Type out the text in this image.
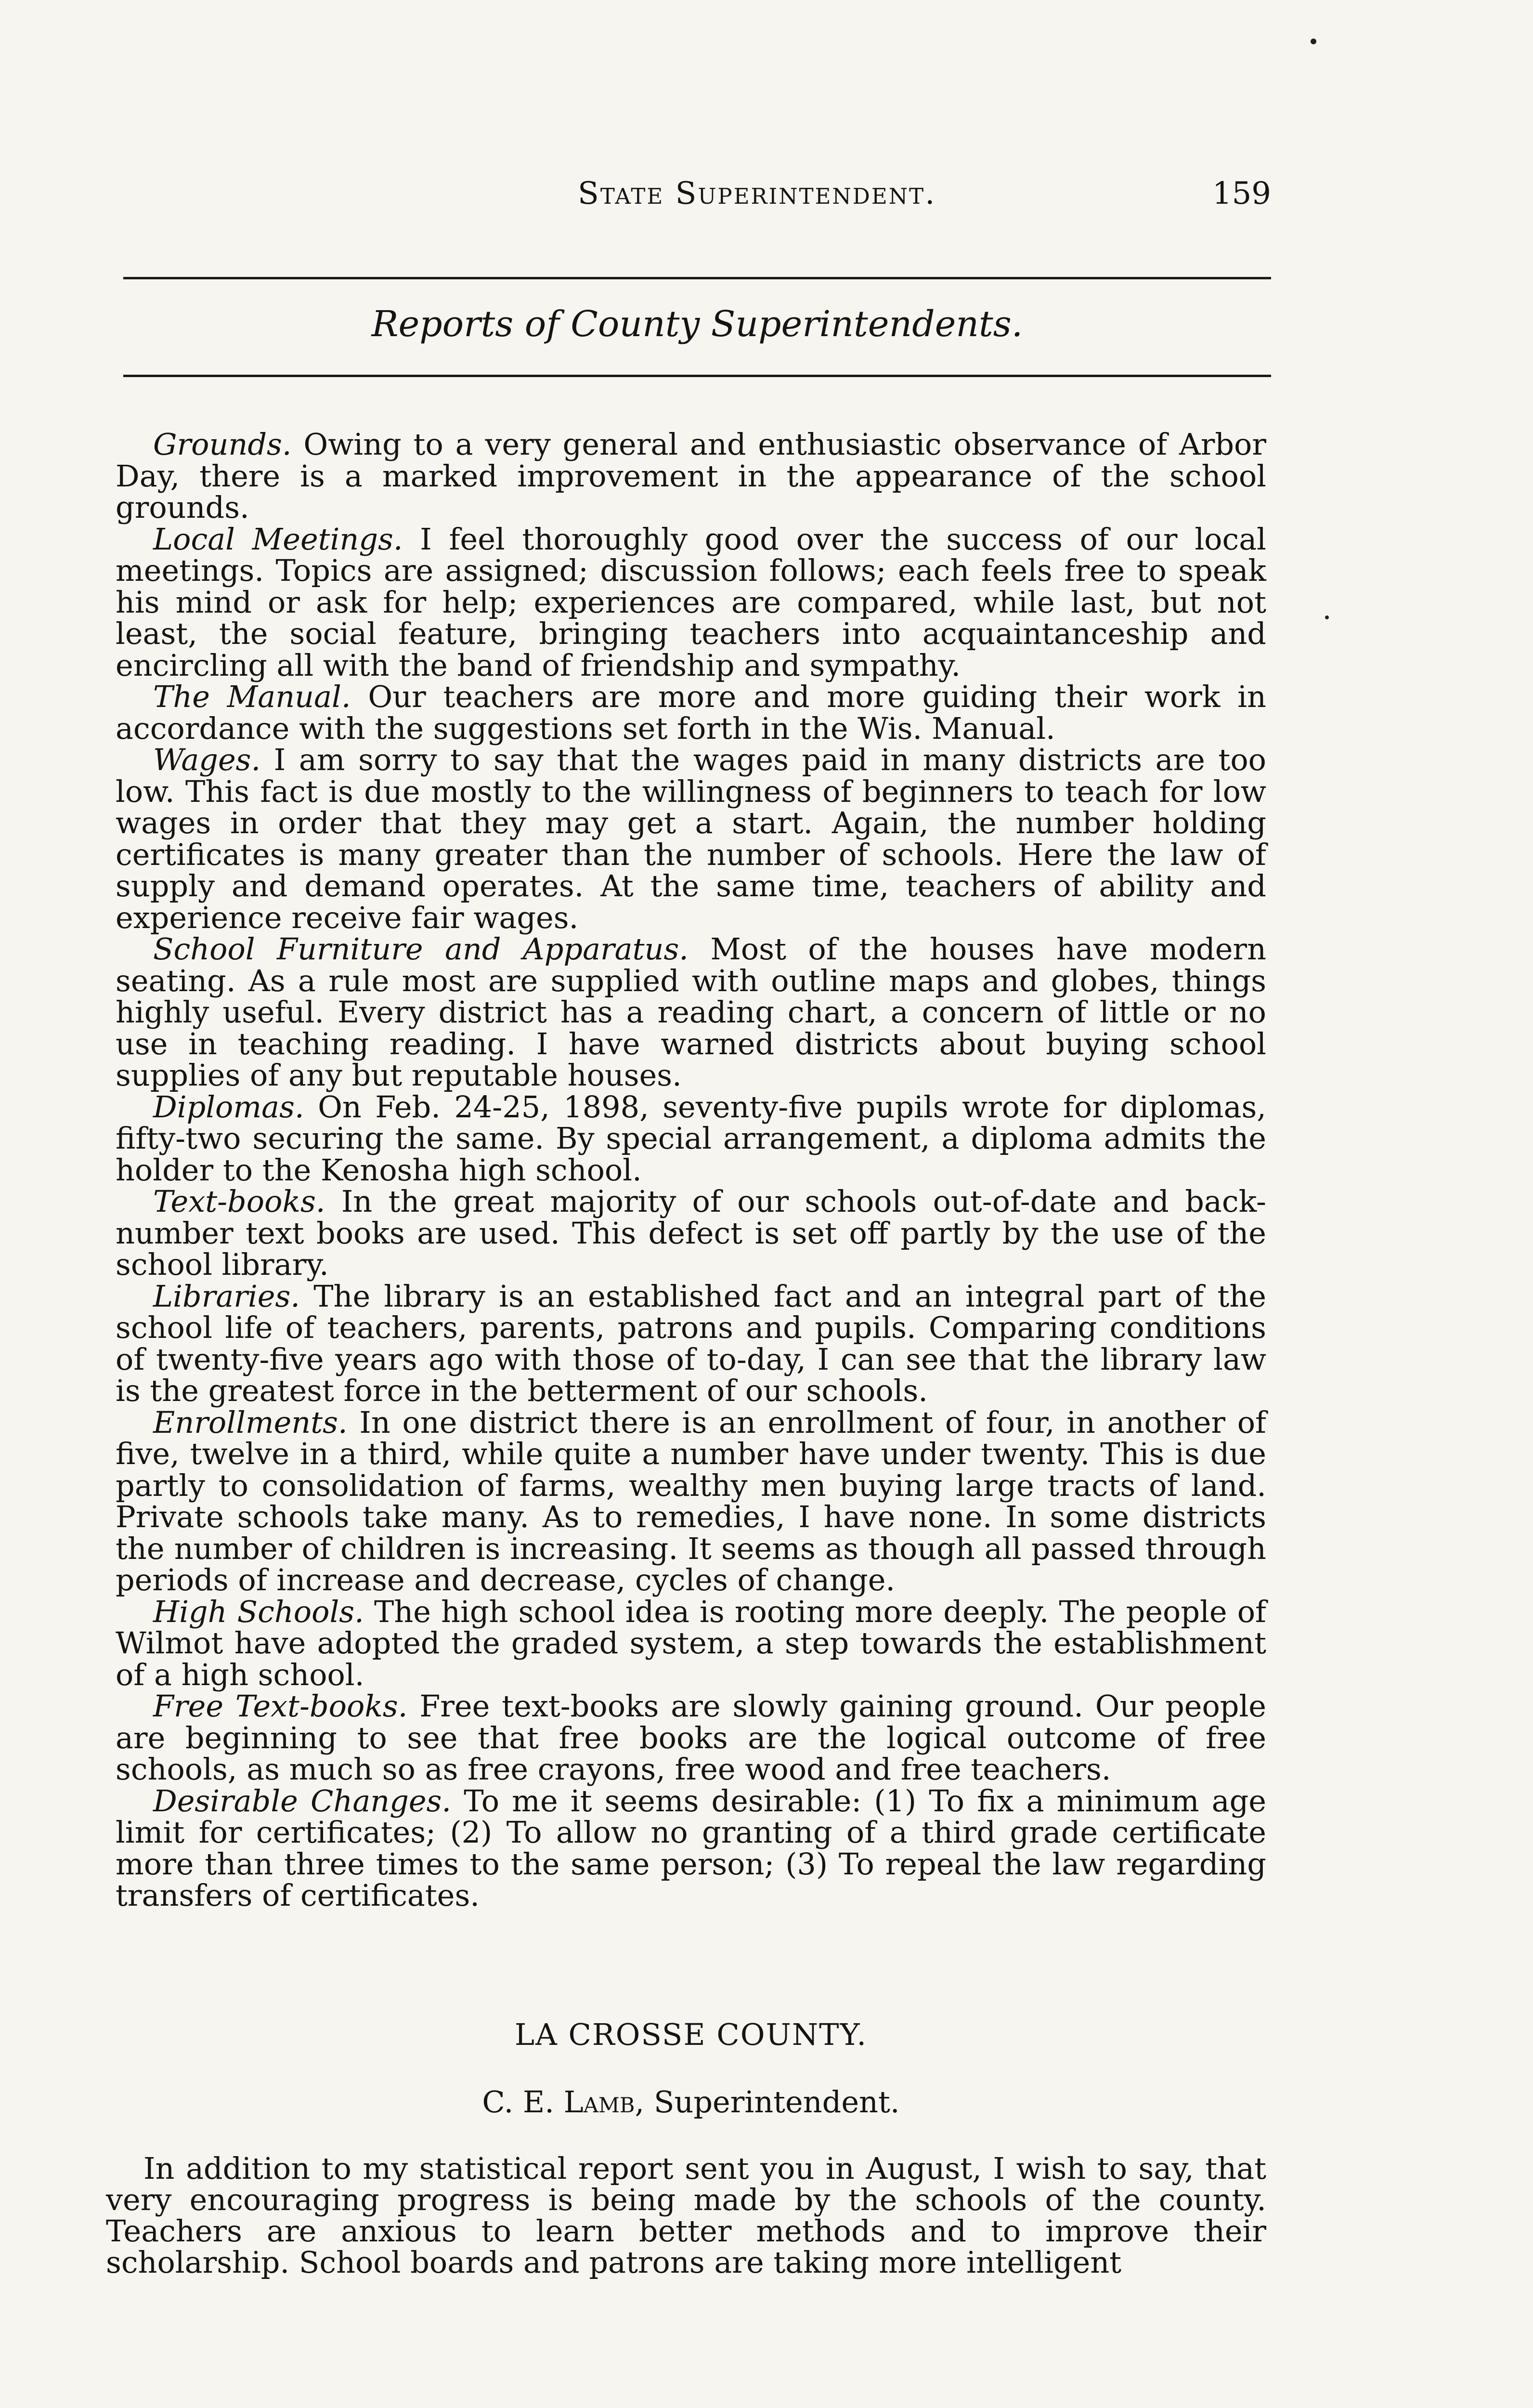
State Superintendent.	159
Reports of County Superintendents.

Grounds. Owing to a very general and enthusiastic observance of Arbor Day, there is a marked improvement in the appearance of the school grounds.

Local Meetings. I feel thoroughly good over the success of our local meetings. Topics are assigned; discussion follows; each feels free to speak his mind or ask for help; experiences are compared, while last, but not least, the social feature, bringing teachers into acquaintanceship and encircling all with the band of friendship and sympathy.

The Manual. Our teachers are more and more guiding their work in accordance with the suggestions set forth in the Wis. Manual.

Wages. I am sorry to say that the wages paid in many districts are too low. This fact is due mostly to the willingness of beginners to teach for low wages in order that they may get a start. Again, the number holding certificates is many greater than the number of schools. Here the law of supply and demand operates. At the same time, teachers of ability and experience receive fair wages.

School Furniture and Apparatus. Most of the houses have modern seating. As a rule most are supplied with outline maps and globes, things highly useful. Every district has a reading chart, a concern of little or no use in teaching reading. I have warned districts about buying school supplies of any but reputable houses.

Diplomas. On Feb. 24-25, 1898, seventy-five pupils wrote for diplomas, fifty-two securing the same. By special arrangement, a diploma admits the holder to the Kenosha high school.

Text-books. In the great majority of our schools out-of-date and back-number text books are used. This defect is set off partly by the use of the school library.

Libraries. The library is an established fact and an integral part of the school life of teachers, parents, patrons and pupils. Comparing conditions of twenty-five years ago with those of to-day, I can see that the library law is the greatest force in the betterment of our schools.

Enrollments. In one district there is an enrollment of four, in another of five, twelve in a third, while quite a number have under twenty. This is due partly to consolidation of farms, wealthy men buying large tracts of land. Private schools take many. As to remedies, I have none. In some districts the number of children is increasing. It seems as though all passed through periods of increase and decrease, cycles of change.

High Schools. The high school idea is rooting more deeply. The people of Wilmot have adopted the graded system, a step towards the establishment of a high school.

Free Text-books. Free text-books are slowly gaining ground. Our people are beginning to see that free books are the logical outcome of free schools, as much so as free crayons, free wood and free teachers.

Desirable Changes. To me it seems desirable: (1) To fix a minimum age limit for certificates; (2) To allow no granting of a third grade certificate more than three times to the same person; (3) To repeal the law regarding transfers of certificates.

LA CROSSE COUNTY.
C. E. Lamb, Superintendent.

In addition to my statistical report sent you in August, I wish to say, that very encouraging progress is being made by the schools of the county. Teachers are anxious to learn better methods and to improve their scholarship. School boards and patrons are taking more intelligent
